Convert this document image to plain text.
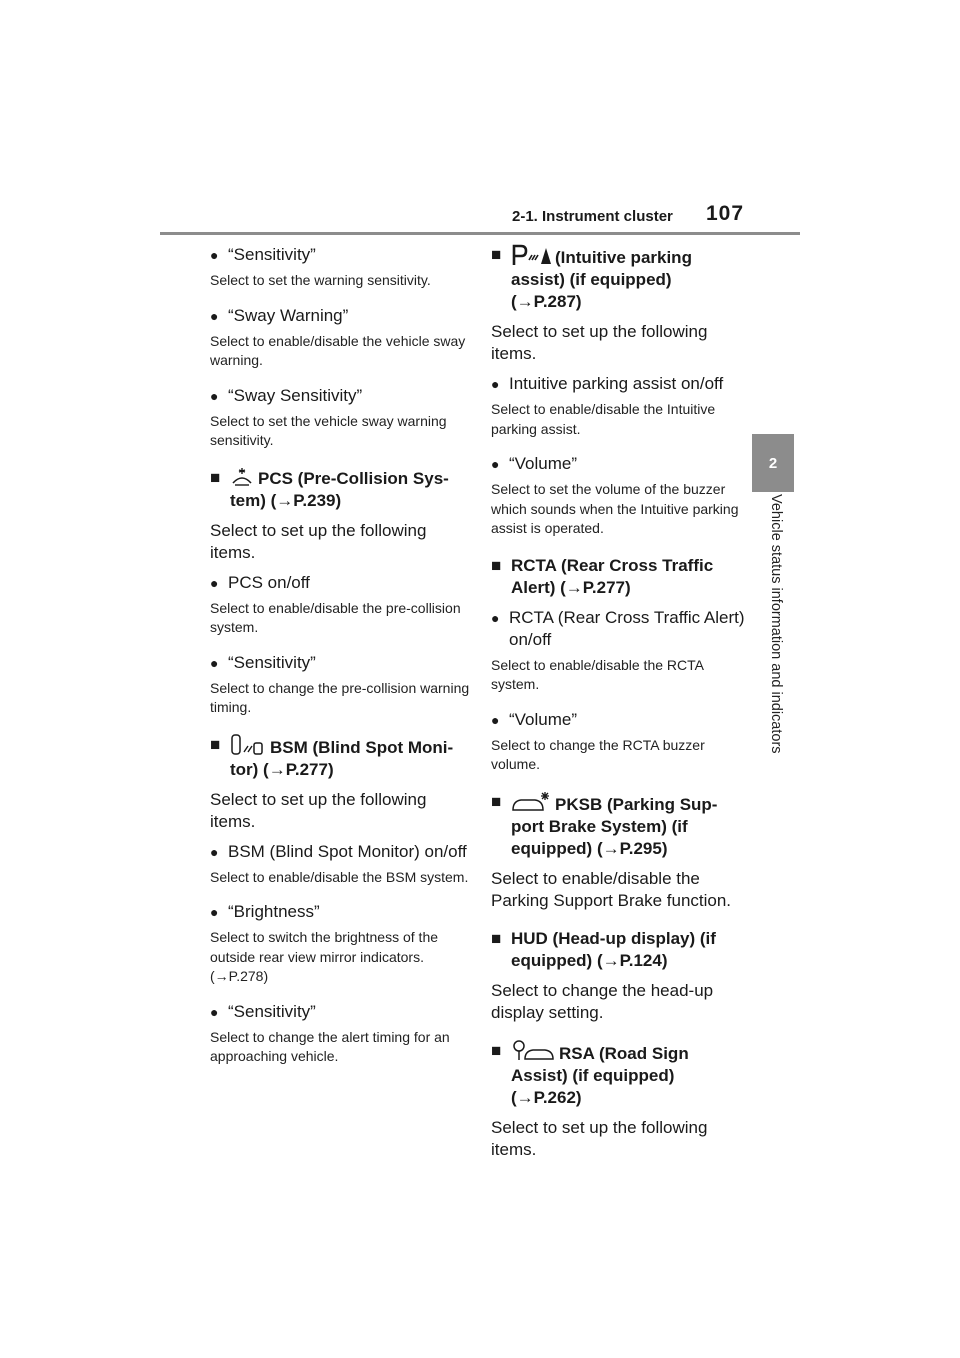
2-1. Instrument cluster 107
2
Vehicle status information and indicators

● “Sensitivity”

Select to set the warning sensitivity.

● “Sway Warning”

Select to enable/disable the vehicle sway warning.

● “Sway Sensitivity”

Select to set the vehicle sway warning sensitivity.

■ PCS (Pre-Collision Sys-
tem) (→P.239)

Select to set up the following items.

● PCS on/off

Select to enable/disable the pre-collision system.

● “Sensitivity”

Select to change the pre-collision warning timing.

■	BSM (Blind Spot Moni-
tor) (→P.277)

Select to set up the following items.

● BSM (Blind Spot Monitor) on/off

Select to enable/disable the BSM system.

● “Brightness”

Select to switch the brightness of the outside rear view mirror indicators. (→P.278)

● “Sensitivity”

Select to change the alert timing for an approaching vehicle.

■	(Intuitive parking
assist) (if equipped)
(→P.287)

Select to set up the following items.

● Intuitive parking assist on/off

Select to enable/disable the Intuitive parking assist.

● “Volume”

Select to set the volume of the buzzer which sounds when the Intuitive parking assist is operated.

■ RCTA (Rear Cross Traffic
Alert) (→P.277)

● RCTA (Rear Cross Traffic Alert) on/off

Select to enable/disable the RCTA system.

● “Volume”

Select to change the RCTA buzzer volume.

■	PKSB (Parking Sup-
port Brake System) (if
equipped) (→P.295)

Select to enable/disable the Parking Support Brake function.

■ HUD (Head-up display) (if
equipped) (→P.124)

Select to change the head-up display setting.

■	RSA (Road Sign
Assist) (if equipped)
(→P.262)

Select to set up the following items.
